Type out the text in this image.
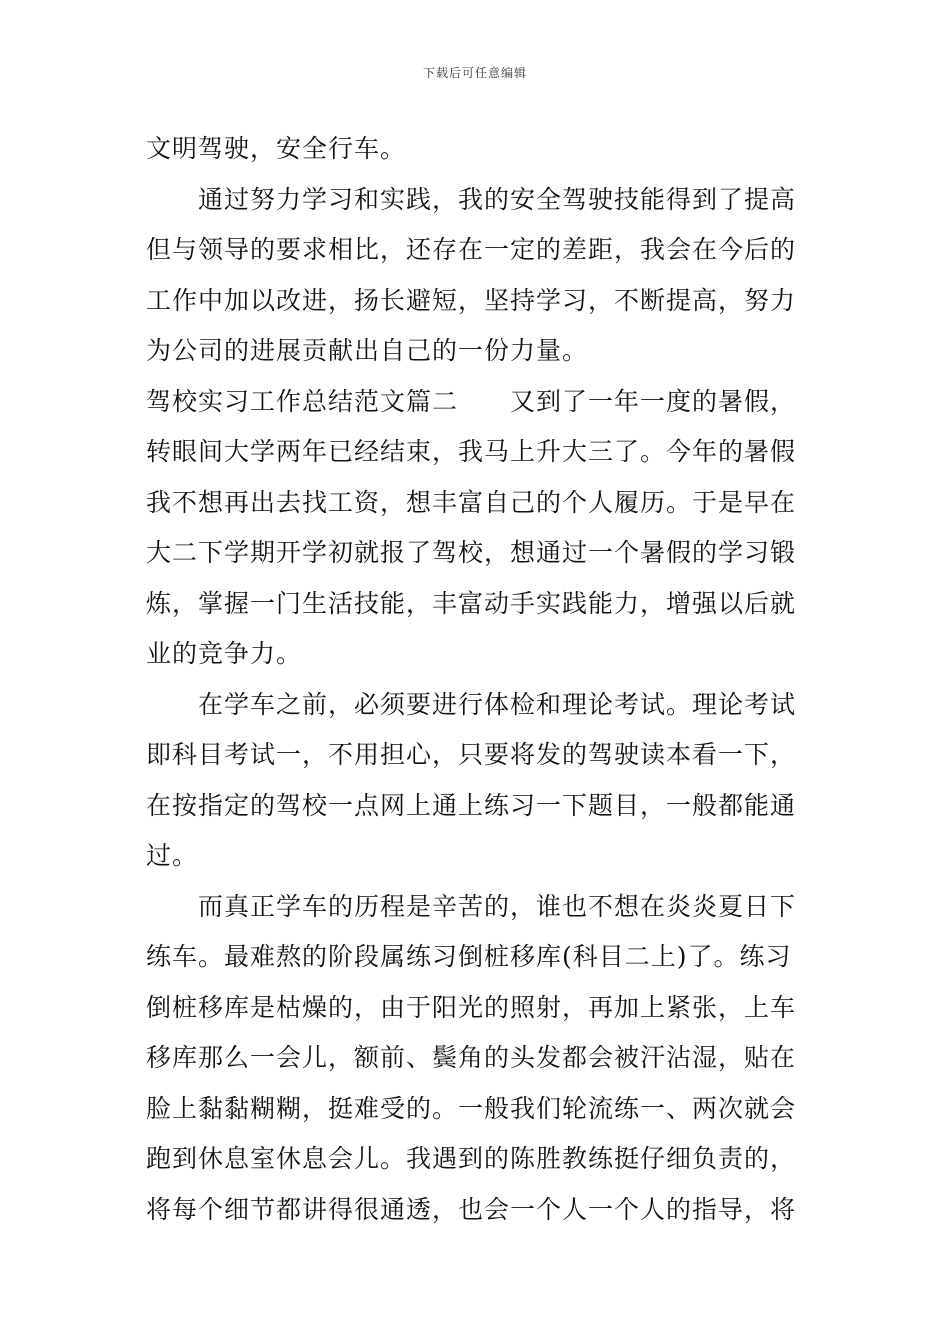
下载后可任意编辑
文明驾驶，安全行车。
通过努力学习和实践，我的安全驾驶技能得到了提高
但与领导的要求相比，还存在一定的差距，我会在今后的
工作中加以改进，扬长避短，坚持学习，不断提高，努力
为公司的进展贡献出自己的一份力量。
驾校实习工作总结范文篇二 又到了一年一度的暑假，
转眼间大学两年已经结束，我马上升大三了。今年的暑假
我不想再出去找工资，想丰富自己的个人履历。于是早在
大二下学期开学初就报了驾校，想通过一个暑假的学习锻
炼，掌握一门生活技能，丰富动手实践能力，增强以后就
业的竞争力。
在学车之前，必须要进行体检和理论考试。理论考试
即科目考试一，不用担心，只要将发的驾驶读本看一下，
在按指定的驾校一点网上通上练习一下题目，一般都能通
过。
而真正学车的历程是辛苦的，谁也不想在炎炎夏日下
练车。最难熬的阶段属练习倒桩移库(科目二上)了。练习
倒桩移库是枯燥的，由于阳光的照射，再加上紧张，上车
移库那么一会儿，额前、鬓角的头发都会被汗沾湿，贴在
脸上黏黏糊糊，挺难受的。一般我们轮流练一、两次就会
跑到休息室休息会儿。我遇到的陈胜教练挺仔细负责的，
将每个细节都讲得很通透，也会一个人一个人的指导，将
